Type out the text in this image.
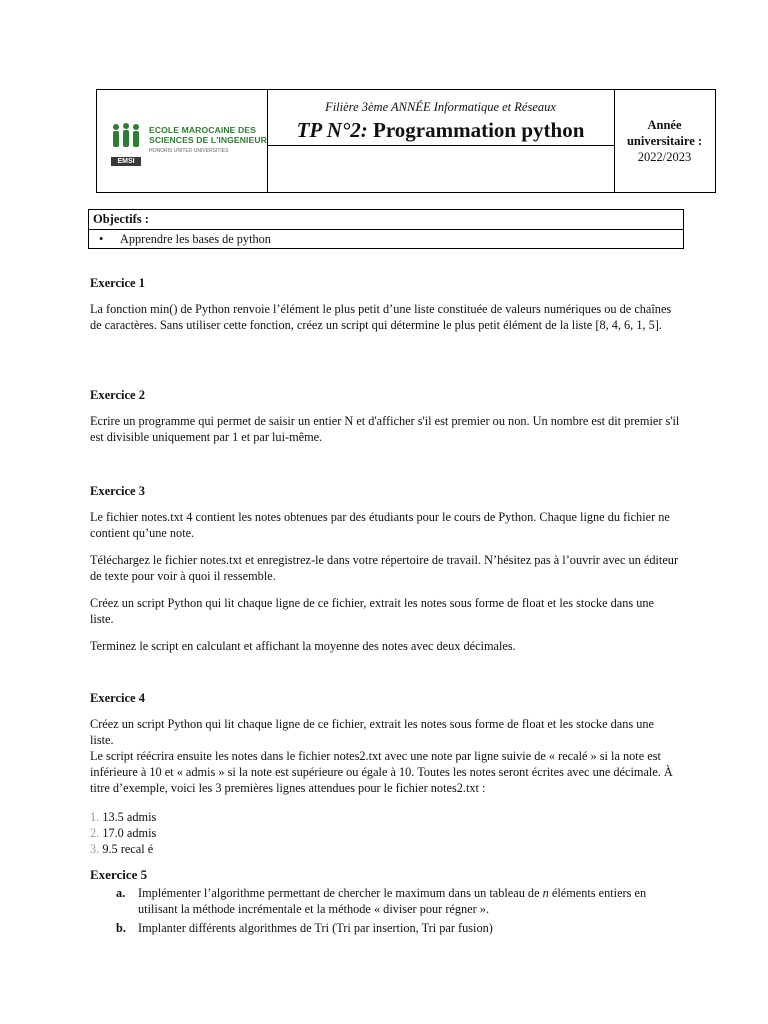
EMSI
ECOLE MAROCAINE DES
SCIENCES DE L'INGENIEUR
HONORIS UNITED UNIVERSITIES
Filière 3ème ANNÉE Informatique et Réseaux
TP N°2: Programmation python	Année universitaire :
2022/2023
Objectifs :
• Apprendre les bases de python
Exercice 1

La fonction min() de Python renvoie l’élément le plus petit d’une liste constituée de valeurs numériques ou de chaînes de caractères. Sans utiliser cette fonction, créez un script qui détermine le plus petit élément de la liste [8, 4, 6, 1, 5].

Exercice 2

Ecrire un programme qui permet de saisir un entier N et d'afficher s'il est premier ou non. Un nombre est dit premier s'il est divisible uniquement par 1 et par lui-même.

Exercice 3

Le fichier notes.txt 4 contient les notes obtenues par des étudiants pour le cours de Python. Chaque ligne du fichier ne contient qu’une note.

Téléchargez le fichier notes.txt et enregistrez-le dans votre répertoire de travail. N’hésitez pas à l’ouvrir avec un éditeur de texte pour voir à quoi il ressemble.

Créez un script Python qui lit chaque ligne de ce fichier, extrait les notes sous forme de float et les stocke dans une liste.

Terminez le script en calculant et affichant la moyenne des notes avec deux décimales.

Exercice 4

Créez un script Python qui lit chaque ligne de ce fichier, extrait les notes sous forme de float et les stocke dans une liste.

Le script réécrira ensuite les notes dans le fichier notes2.txt avec une note par ligne suivie de « recalé » si la note est inférieure à 10 et « admis » si la note est supérieure ou égale à 10. Toutes les notes seront écrites avec une décimale. À titre d’exemple, voici les 3 premières lignes attendues pour le fichier notes2.txt :

1. 13.5 admis
2. 17.0 admis
3. 9.5 recal é
Exercice 5
a. Implémenter l’algorithme permettant de chercher le maximum dans un tableau de n éléments entiers en utilisant la méthode incrémentale et la méthode « diviser pour régner ».
b. Implanter différents algorithmes de Tri (Tri par insertion, Tri par fusion)
